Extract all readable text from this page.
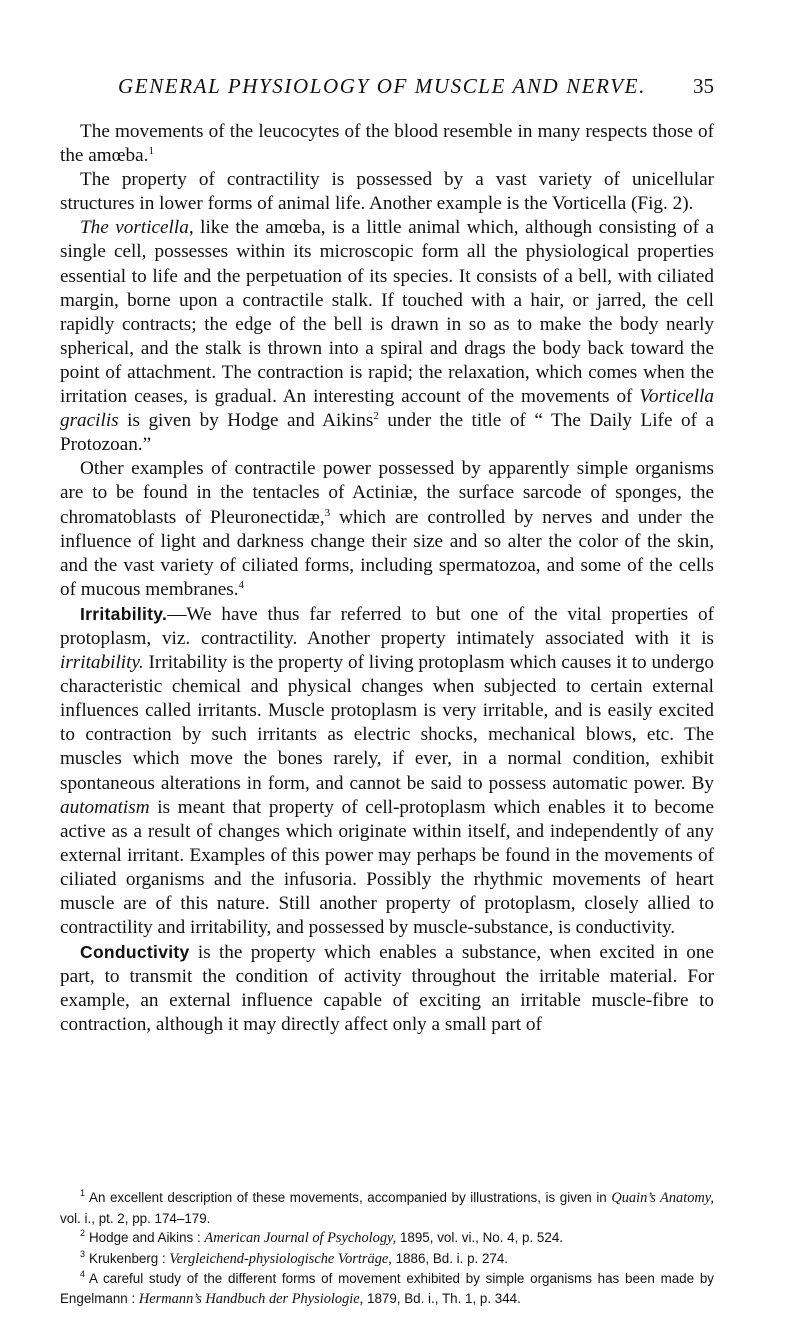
GENERAL PHYSIOLOGY OF MUSCLE AND NERVE. 35

The movements of the leucocytes of the blood resemble in many respects those of the amœba.$^1$

The property of contractility is possessed by a vast variety of unicellular structures in lower forms of animal life. Another example is the Vorticella (Fig. 2).

The vorticella, like the amœba, is a little animal which, although consisting of a single cell, possesses within its microscopic form all the physiological properties essential to life and the perpetuation of its species. It consists of a bell, with ciliated margin, borne upon a contractile stalk. If touched with a hair, or jarred, the cell rapidly contracts; the edge of the bell is drawn in so as to make the body nearly spherical, and the stalk is thrown into a spiral and drags the body back toward the point of attachment. The contraction is rapid; the relaxation, which comes when the irritation ceases, is gradual. An interesting account of the movements of Vorticella gracilis is given by Hodge and Aikins$^2$ under the title of “ The Daily Life of a Protozoan.”

Other examples of contractile power possessed by apparently simple organisms are to be found in the tentacles of Actiniæ, the surface sarcode of sponges, the chromatoblasts of Pleuronectidæ,$^3$ which are controlled by nerves and under the influence of light and darkness change their size and so alter the color of the skin, and the vast variety of ciliated forms, including spermatozoa, and some of the cells of mucous membranes.$^4$

Irritability.—We have thus far referred to but one of the vital properties of protoplasm, viz. contractility. Another property intimately associated with it is irritability. Irritability is the property of living protoplasm which causes it to undergo characteristic chemical and physical changes when subjected to certain external influences called irritants. Muscle protoplasm is very irritable, and is easily excited to contraction by such irritants as electric shocks, mechanical blows, etc. The muscles which move the bones rarely, if ever, in a normal condition, exhibit spontaneous alterations in form, and cannot be said to possess automatic power. By automatism is meant that property of cell-protoplasm which enables it to become active as a result of changes which originate within itself, and independently of any external irritant. Examples of this power may perhaps be found in the movements of ciliated organisms and the infusoria. Possibly the rhythmic movements of heart muscle are of this nature. Still another property of protoplasm, closely allied to contractility and irritability, and possessed by muscle-substance, is conductivity.

Conductivity is the property which enables a substance, when excited in one part, to transmit the condition of activity throughout the irritable material. For example, an external influence capable of exciting an irritable muscle-fibre to contraction, although it may directly affect only a small part of

$^1$ An excellent description of these movements, accompanied by illustrations, is given in Quain’s Anatomy, vol. i., pt. 2, pp. 174–179.

$^2$ Hodge and Aikins : American Journal of Psychology, 1895, vol. vi., No. 4, p. 524.

$^3$ Krukenberg : Vergleichend-physiologische Vorträge, 1886, Bd. i. p. 274.

$^4$ A careful study of the different forms of movement exhibited by simple organisms has been made by Engelmann : Hermann’s Handbuch der Physiologie, 1879, Bd. i., Th. 1, p. 344.
